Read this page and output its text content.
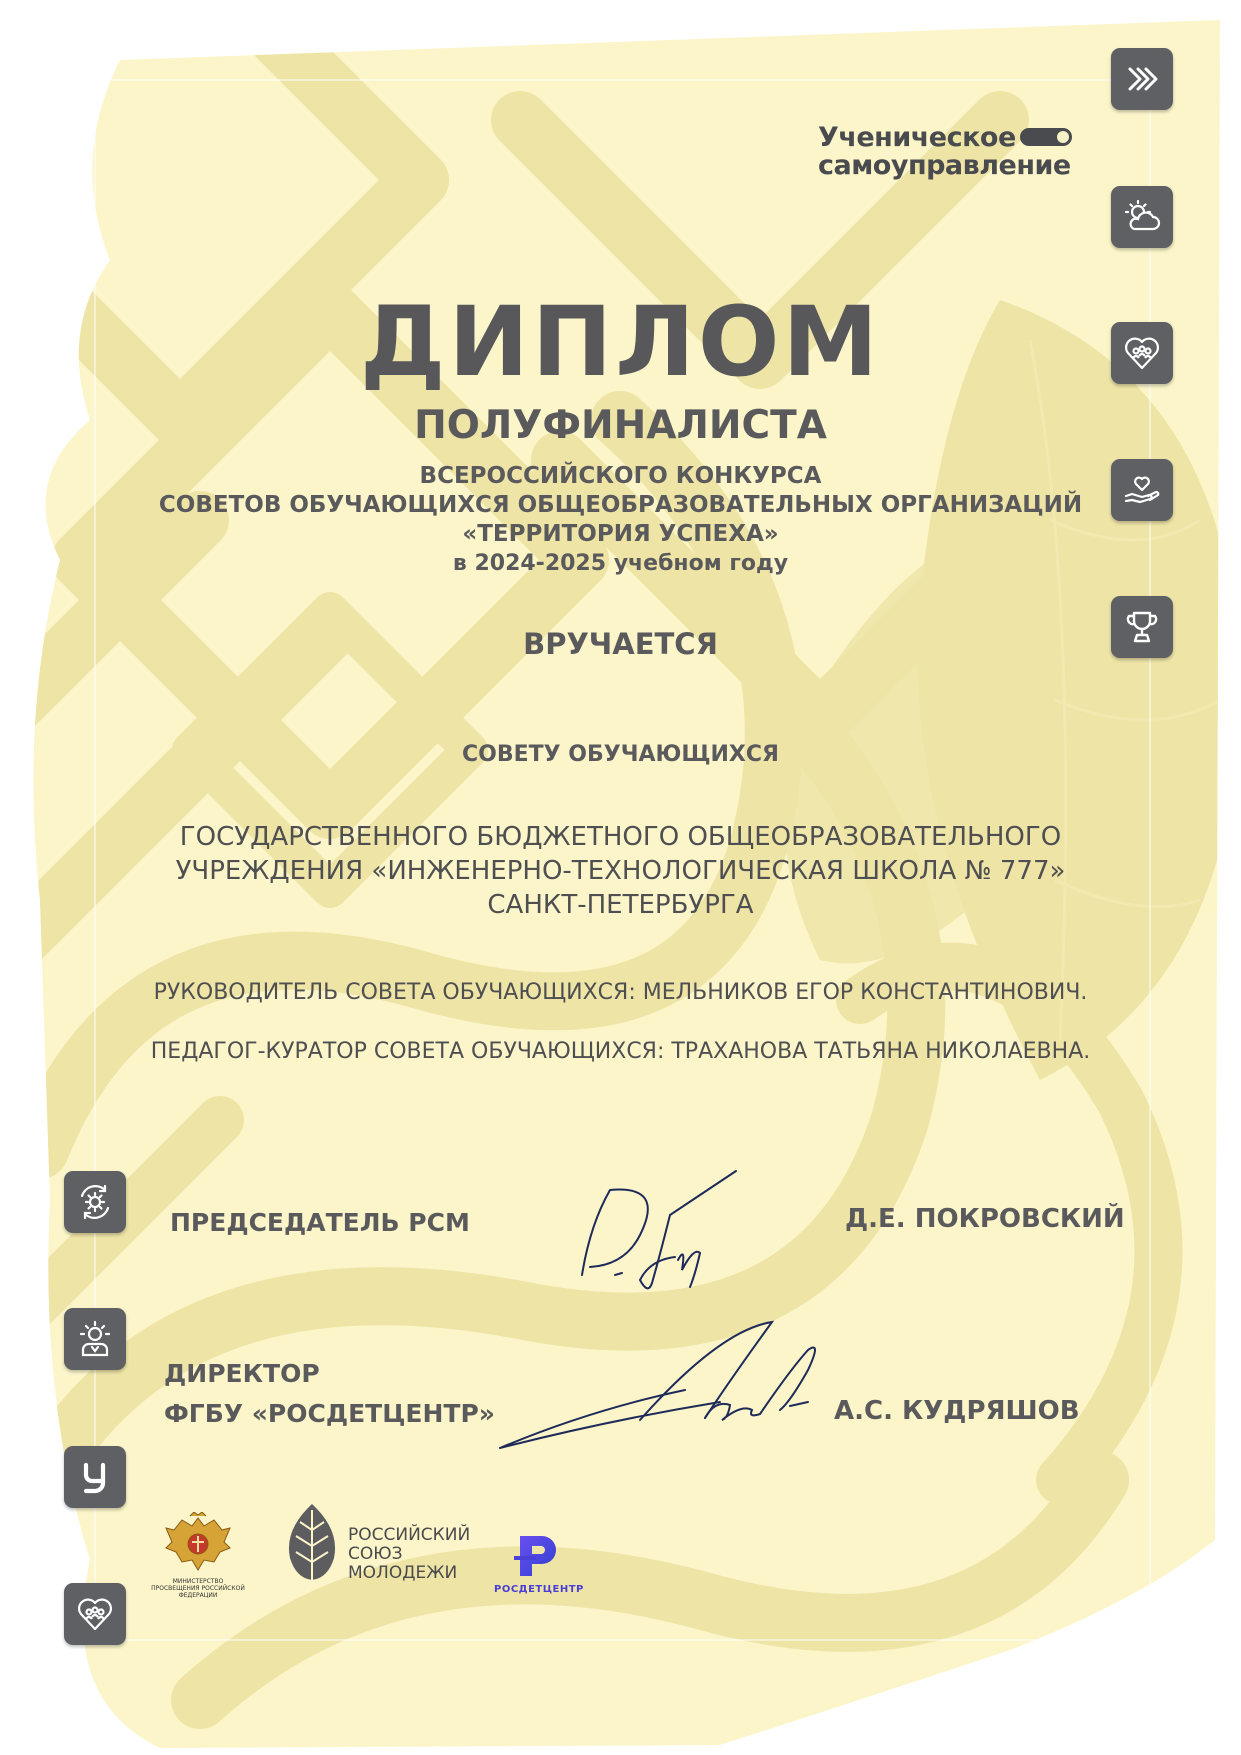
Ученическое
самоуправление
ДИПЛОМ
ПОЛУФИНАЛИСТА
ВСЕРОССИЙСКОГО КОНКУРСА
СОВЕТОВ ОБУЧАЮЩИХСЯ ОБЩЕОБРАЗОВАТЕЛЬНЫХ ОРГАНИЗАЦИЙ
«ТЕРРИТОРИЯ УСПЕХА»
в 2024-2025 учебном году
ВРУЧАЕТСЯ
СОВЕТУ ОБУЧАЮЩИХСЯ
ГОСУДАРСТВЕННОГО БЮДЖЕТНОГО ОБЩЕОБРАЗОВАТЕЛЬНОГО
УЧРЕЖДЕНИЯ «ИНЖЕНЕРНО-ТЕХНОЛОГИЧЕСКАЯ ШКОЛА № 777»
САНКТ-ПЕТЕРБУРГА
РУКОВОДИТЕЛЬ СОВЕТА ОБУЧАЮЩИХСЯ: МЕЛЬНИКОВ ЕГОР КОНСТАНТИНОВИЧ.
ПЕДАГОГ-КУРАТОР СОВЕТА ОБУЧАЮЩИХСЯ: ТРАХАНОВА ТАТЬЯНА НИКОЛАЕВНА.
ПРЕДСЕДАТЕЛЬ РСМ	Д.Е. ПОКРОВСКИЙ
ДИРЕКТОР
ФГБУ «РОСДЕТЦЕНТР»	А.С. КУДРЯШОВ
МИНИСТЕРСТВО ПРОСВЕЩЕНИЯ РОССИЙСКОЙ ФЕДЕРАЦИИ
РОССИЙСКИЙ
СОЮЗ
МОЛОДЕЖИ
РОСДЕТЦЕНТР
